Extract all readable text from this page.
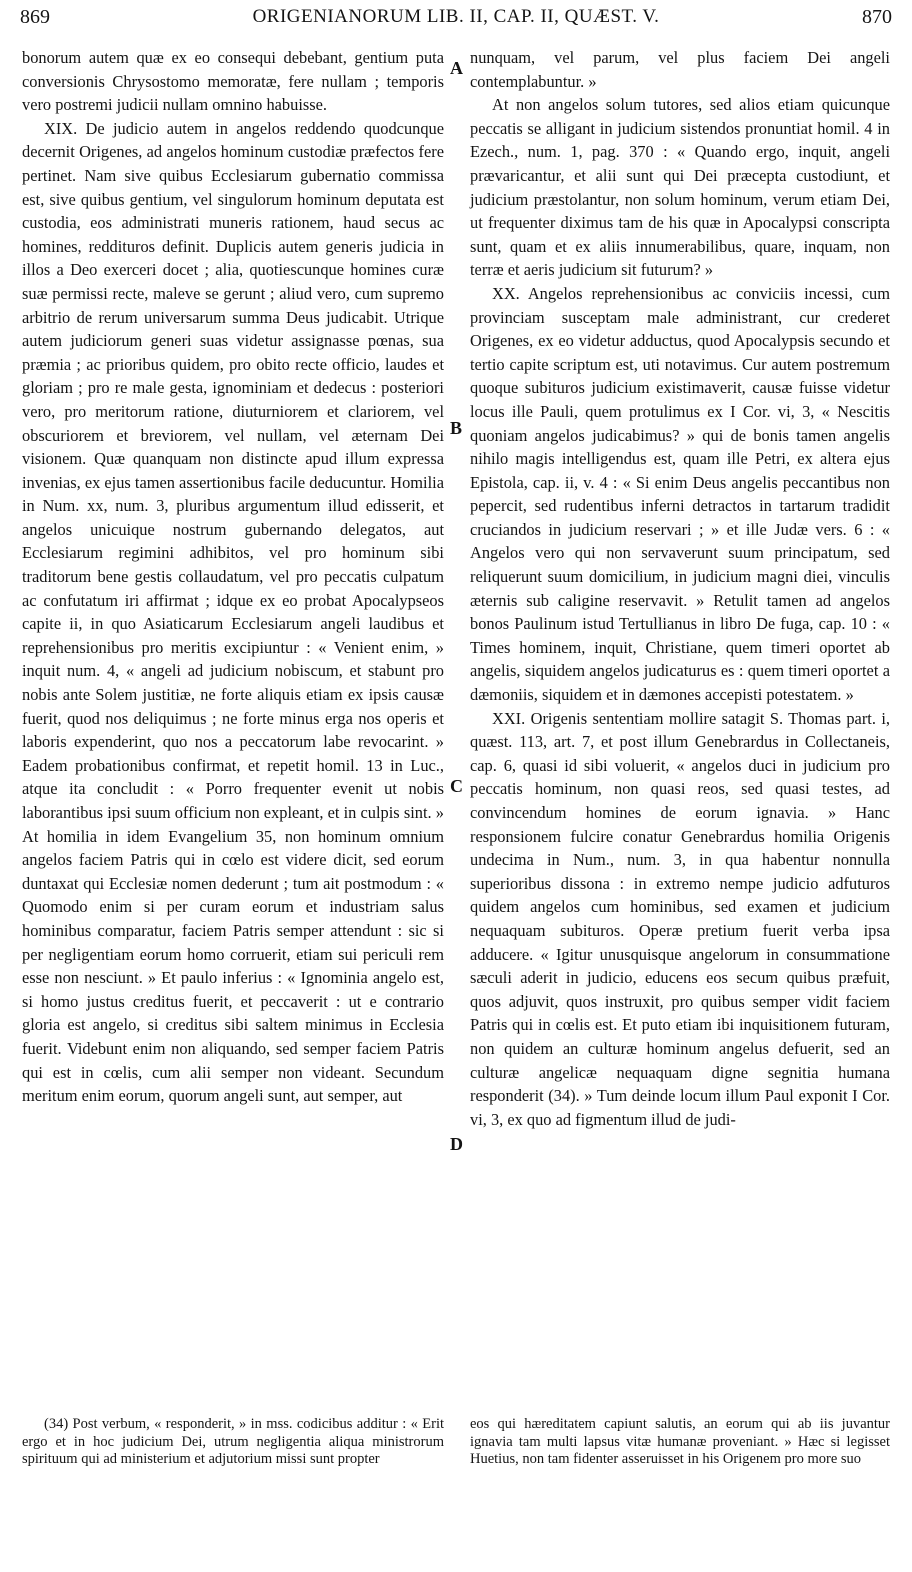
869	ORIGENIANORUM LIB. II, CAP. II, QUÆST. V.	870

bonorum autem quæ ex eo consequi debebant, gentium puta conversionis Chrysostomo memoratæ, fere nullam ; temporis vero postremi judicii nullam omnino habuisse.

XIX. De judicio autem in angelos reddendo quodcunque decernit Origenes, ad angelos hominum custodiæ præfectos fere pertinet. Nam sive quibus Ecclesiarum gubernatio commissa est, sive quibus gentium, vel singulorum hominum deputata est custodia, eos administrati muneris rationem, haud secus ac homines, reddituros definit. Duplicis autem generis judicia in illos a Deo exerceri docet ; alia, quotiescunque homines curæ suæ permissi recte, maleve se gerunt ; aliud vero, cum supremo arbitrio de rerum universarum summa Deus judicabit. Utrique autem judiciorum generi suas videtur assignasse pœnas, sua præmia ; ac prioribus quidem, pro obito recte officio, laudes et gloriam ; pro re male gesta, ignominiam et dedecus : posteriori vero, pro meritorum ratione, diuturniorem et clariorem, vel obscuriorem et breviorem, vel nullam, vel æternam Dei visionem. Quæ quanquam non distincte apud illum expressa invenias, ex ejus tamen assertionibus facile deducuntur. Homilia in Num. xx, num. 3, pluribus argumentum illud edisserit, et angelos unicuique nostrum gubernando delegatos, aut Ecclesiarum regimini adhibitos, vel pro hominum sibi traditorum bene gestis collaudatum, vel pro peccatis culpatum ac confutatum iri affirmat ; idque ex eo probat Apocalypseos capite ii, in quo Asiaticarum Ecclesiarum angeli laudibus et reprehensionibus pro meritis excipiuntur : « Venient enim, » inquit num. 4, « angeli ad judicium nobiscum, et stabunt pro nobis ante Solem justitiæ, ne forte aliquis etiam ex ipsis causæ fuerit, quod nos deliquimus ; ne forte minus erga nos operis et laboris expenderint, quo nos a peccatorum labe revocarint. » Eadem probationibus confirmat, et repetit homil. 13 in Luc., atque ita concludit : « Porro frequenter evenit ut nobis laborantibus ipsi suum officium non expleant, et in culpis sint. » At homilia in idem Evangelium 35, non hominum omnium angelos faciem Patris qui in cœlo est videre dicit, sed eorum duntaxat qui Ecclesiæ nomen dederunt ; tum ait postmodum : « Quomodo enim si per curam eorum et industriam salus hominibus comparatur, faciem Patris semper attendunt : sic si per negligentiam eorum homo corruerit, etiam sui periculi rem esse non nesciunt. » Et paulo inferius : « Ignominia angelo est, si homo justus creditus fuerit, et peccaverit : ut e contrario gloria est angelo, si creditus sibi saltem minimus in Ecclesia fuerit. Videbunt enim non aliquando, sed semper faciem Patris qui est in cœlis, cum alii semper non videant. Secundum meritum enim eorum, quorum angeli sunt, aut semper, aut

nunquam, vel parum, vel plus faciem Dei angeli contemplabuntur. »

At non angelos solum tutores, sed alios etiam quicunque peccatis se alligant in judicium sistendos pronuntiat homil. 4 in Ezech., num. 1, pag. 370 : « Quando ergo, inquit, angeli prævaricantur, et alii sunt qui Dei præcepta custodiunt, et judicium præstolantur, non solum hominum, verum etiam Dei, ut frequenter diximus tam de his quæ in Apocalypsi conscripta sunt, quam et ex aliis innumerabilibus, quare, inquam, non terræ et aeris judicium sit futurum? »

XX. Angelos reprehensionibus ac conviciis incessi, cum provinciam susceptam male administrant, cur crederet Origenes, ex eo videtur adductus, quod Apocalypsis secundo et tertio capite scriptum est, uti notavimus. Cur autem postremum quoque subituros judicium existimaverit, causæ fuisse videtur locus ille Pauli, quem protulimus ex I Cor. vi, 3, « Nescitis quoniam angelos judicabimus? » qui de bonis tamen angelis nihilo magis intelligendus est, quam ille Petri, ex altera ejus Epistola, cap. ii, v. 4 : « Si enim Deus angelis peccantibus non pepercit, sed rudentibus inferni detractos in tartarum tradidit cruciandos in judicium reservari ; » et ille Judæ vers. 6 : « Angelos vero qui non servaverunt suum principatum, sed reliquerunt suum domicilium, in judicium magni diei, vinculis æternis sub caligine reservavit. » Retulit tamen ad angelos bonos Paulinum istud Tertullianus in libro De fuga, cap. 10 : « Times hominem, inquit, Christiane, quem timeri oportet ab angelis, siquidem angelos judicaturus es : quem timeri oportet a dæmoniis, siquidem et in dæmones accepisti potestatem. »

XXI. Origenis sententiam mollire satagit S. Thomas part. i, quæst. 113, art. 7, et post illum Genebrardus in Collectaneis, cap. 6, quasi id sibi voluerit, « angelos duci in judicium pro peccatis hominum, non quasi reos, sed quasi testes, ad convincendum homines de eorum ignavia. » Hanc responsionem fulcire conatur Genebrardus homilia Origenis undecima in Num., num. 3, in qua habentur nonnulla superioribus dissona : in extremo nempe judicio adfuturos quidem angelos cum hominibus, sed examen et judicium nequaquam subituros. Operæ pretium fuerit verba ipsa adducere. « Igitur unusquisque angelorum in consummatione sæculi aderit in judicio, educens eos secum quibus præfuit, quos adjuvit, quos instruxit, pro quibus semper vidit faciem Patris qui in cœlis est. Et puto etiam ibi inquisitionem futuram, non quidem an culturæ hominum angelus defuerit, sed an culturæ angelicæ nequaquam digne segnitia humana responderit (34). » Tum deinde locum illum Paul exponit I Cor. vi, 3, ex quo ad figmentum illud de judi-

A
B
C
D

(34) Post verbum, « responderit, » in mss. codicibus additur : « Erit ergo et in hoc judicium Dei, utrum negligentia aliqua ministrorum spirituum qui ad ministerium et adjutorium missi sunt propter

eos qui hæreditatem capiunt salutis, an eorum qui ab iis juvantur ignavia tam multi lapsus vitæ humanæ proveniant. » Hæc si legisset Huetius, non tam fidenter asseruisset in his Origenem pro more suo
